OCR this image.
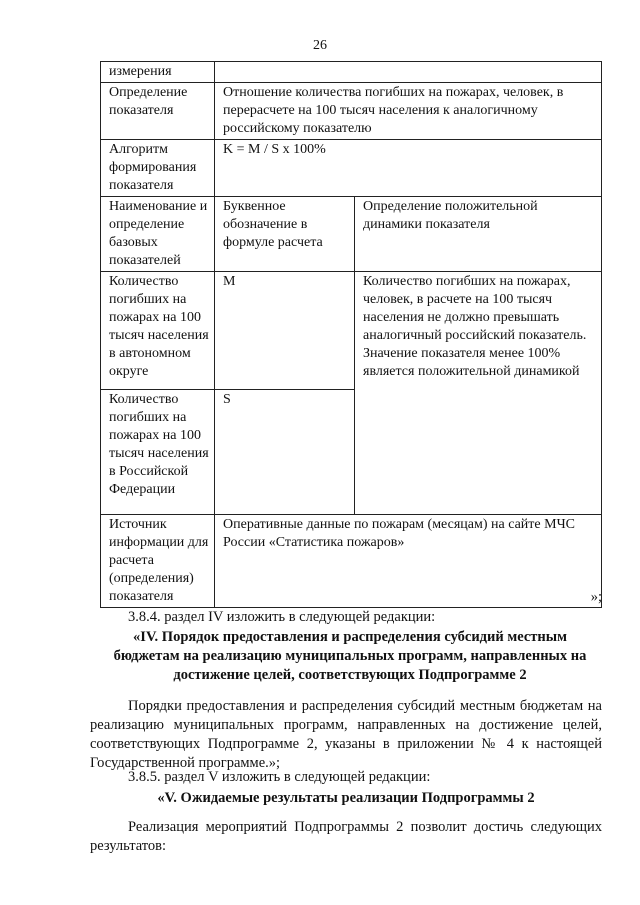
26
измерения		
Определение показателя	Отношение количества погибших на пожарах, человек, в перерасчете на 100 тысяч населения к аналогичному российскому показателю	
Алгоритм формирования показателя	K = M / S x 100%	
Наименование и определение базовых показателей	Буквенное обозначение в формуле расчета	Определение положительной динамики показателя
Количество погибших на пожарах на 100 тысяч населения в автономном округе	M	Количество погибших на пожарах, человек, в расчете на 100 тысяч населения не должно превышать аналогичный российский показатель. Значение показателя менее 100% является положительной динамикой
Количество погибших на пожарах на 100 тысяч населения в Российской Федерации	S	
Источник информации для расчета (определения) показателя	Оперативные данные по пожарам (месяцам) на сайте МЧС России «Статистика пожаров»	

»;

3.8.4. раздел IV изложить в следующей редакции:

«IV. Порядок предоставления и распределения субсидий местным бюджетам на реализацию муниципальных программ, направленных на достижение целей, соответствующих Подпрограмме 2

Порядки предоставления и распределения субсидий местным бюджетам на реализацию муниципальных программ, направленных на достижение целей, соответствующих Подпрограмме 2, указаны в приложении № 4 к настоящей Государственной программе.»;

3.8.5. раздел V изложить в следующей редакции:

«V. Ожидаемые результаты реализации Подпрограммы 2

Реализация мероприятий Подпрограммы 2 позволит достичь следующих результатов:
